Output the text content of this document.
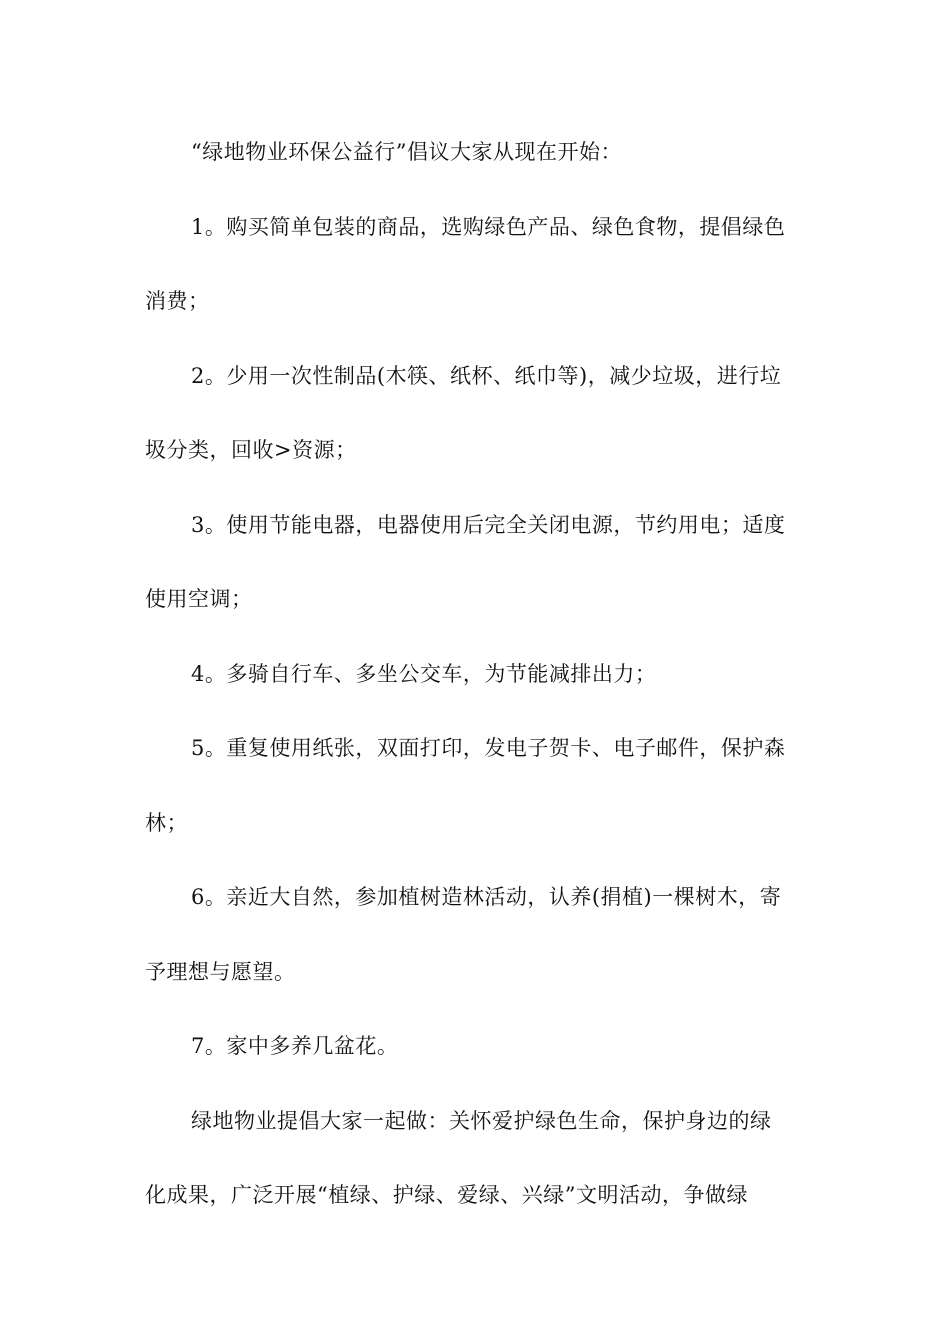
“绿地物业环保公益行”倡议大家从现在开始：
1。购买简单包装的商品，选购绿色产品、绿色食物，提倡绿色
消费；
2。少用一次性制品(木筷、纸杯、纸巾等)，减少垃圾，进行垃
圾分类，回收>资源；
3。使用节能电器，电器使用后完全关闭电源，节约用电；适度
使用空调；
4。多骑自行车、多坐公交车，为节能减排出力；
5。重复使用纸张，双面打印，发电子贺卡、电子邮件，保护森
林；
6。亲近大自然，参加植树造林活动，认养(捐植)一棵树木，寄
予理想与愿望。
7。家中多养几盆花。
绿地物业提倡大家一起做：关怀爱护绿色生命，保护身边的绿
化成果，广泛开展“植绿、护绿、爱绿、兴绿”文明活动，争做绿
